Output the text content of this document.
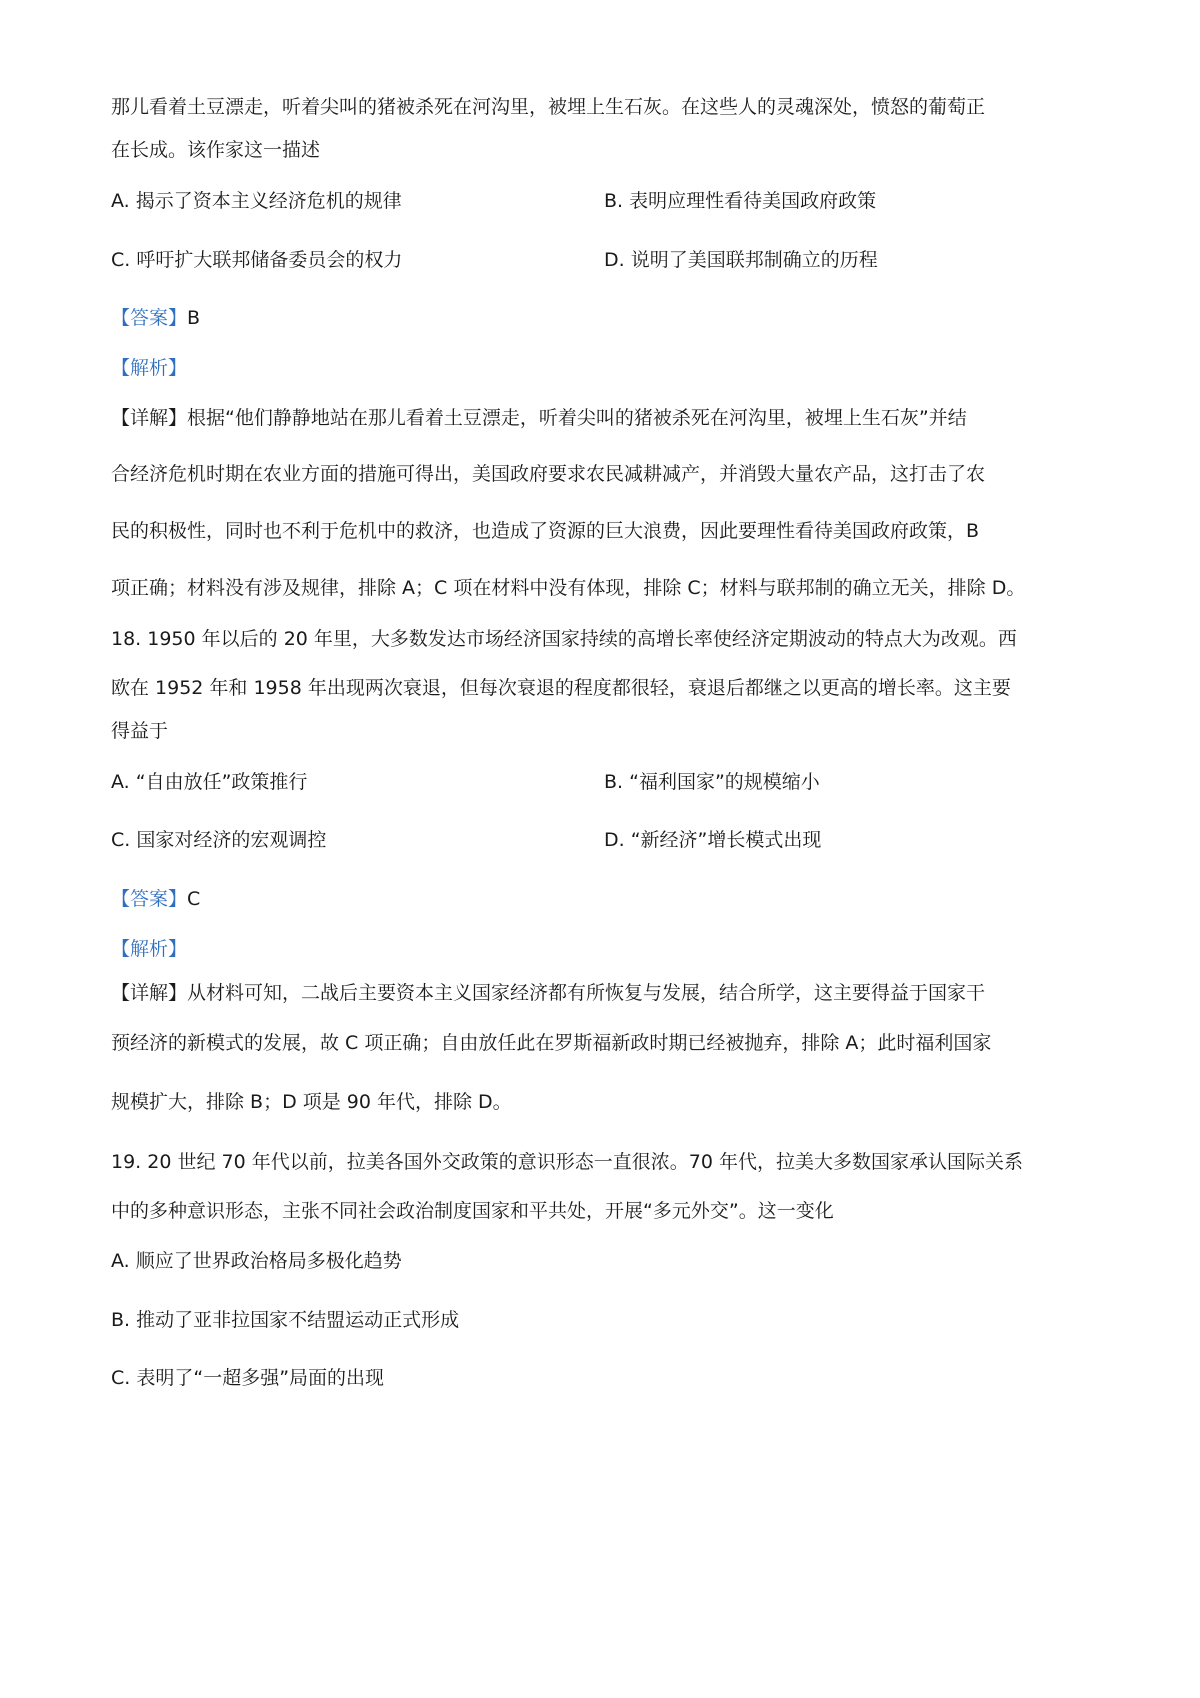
那儿看着土豆漂走，听着尖叫的猪被杀死在河沟里，被埋上生石灰。在这些人的灵魂深处，愤怒的葡萄正
在长成。该作家这一描述
A. 揭示了资本主义经济危机的规律	B. 表明应理性看待美国政府政策
C. 呼吁扩大联邦储备委员会的权力	D. 说明了美国联邦制确立的历程
【答案】B
【解析】
【详解】根据“他们静静地站在那儿看着土豆漂走，听着尖叫的猪被杀死在河沟里，被埋上生石灰”并结
合经济危机时期在农业方面的措施可得出，美国政府要求农民减耕减产，并消毁大量农产品，这打击了农
民的积极性，同时也不利于危机中的救济，也造成了资源的巨大浪费，因此要理性看待美国政府政策，B
项正确；材料没有涉及规律，排除 A；C 项在材料中没有体现，排除 C；材料与联邦制的确立无关，排除 D。
18. 1950 年以后的 20 年里，大多数发达市场经济国家持续的高增长率使经济定期波动的特点大为改观。西
欧在 1952 年和 1958 年出现两次衰退，但每次衰退的程度都很轻，衰退后都继之以更高的增长率。这主要
得益于
A. “自由放任”政策推行	B. “福利国家”的规模缩小
C. 国家对经济的宏观调控	D. “新经济”增长模式出现
【答案】C
【解析】
【详解】从材料可知，二战后主要资本主义国家经济都有所恢复与发展，结合所学，这主要得益于国家干
预经济的新模式的发展，故 C 项正确；自由放任此在罗斯福新政时期已经被抛弃，排除 A；此时福利国家
规模扩大，排除 B；D 项是 90 年代，排除 D。
19. 20 世纪 70 年代以前，拉美各国外交政策的意识形态一直很浓。70 年代，拉美大多数国家承认国际关系
中的多种意识形态，主张不同社会政治制度国家和平共处，开展“多元外交”。这一变化
A. 顺应了世界政治格局多极化趋势
B. 推动了亚非拉国家不结盟运动正式形成
C. 表明了“一超多强”局面的出现
